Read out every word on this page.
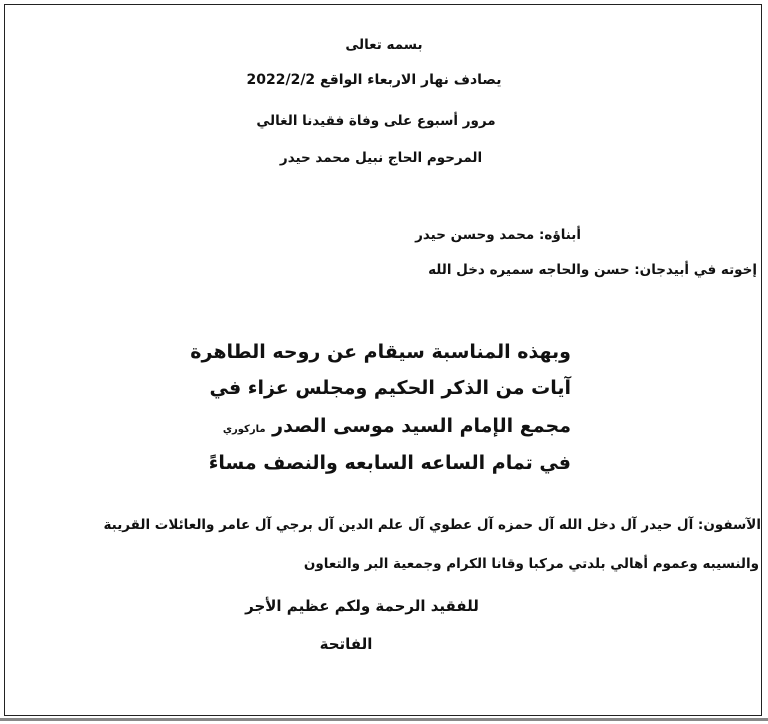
بسمه تعالى
يصادف نهار الاربعاء الواقع 2022/2/2
مرور أسبوع على وفاة فقيدنا الغالي
المرحوم الحاج نبيل محمد حيدر
أبناؤه: محمد وحسن حيدر
إخوته في أبيدجان: حسن والحاجه سميره دخل الله
وبهذه المناسبة سيقام عن روحه الطاهرة
آيات من الذكر الحكيم ومجلس عزاء في
مجمع الإمام السيد موسى الصدر ماركوري
في تمام الساعه السابعه والنصف مساءً
الآسفون: آل حيدر آل دخل الله آل حمزه آل عطوي آل علم الدين آل برجي آل عامر والعائلات القريبة
والنسيبه وعموم أهالي بلدتي مركبا وقانا الكرام وجمعية البر والتعاون
للفقيد الرحمة ولكم عظيم الأجر
الفاتحة
